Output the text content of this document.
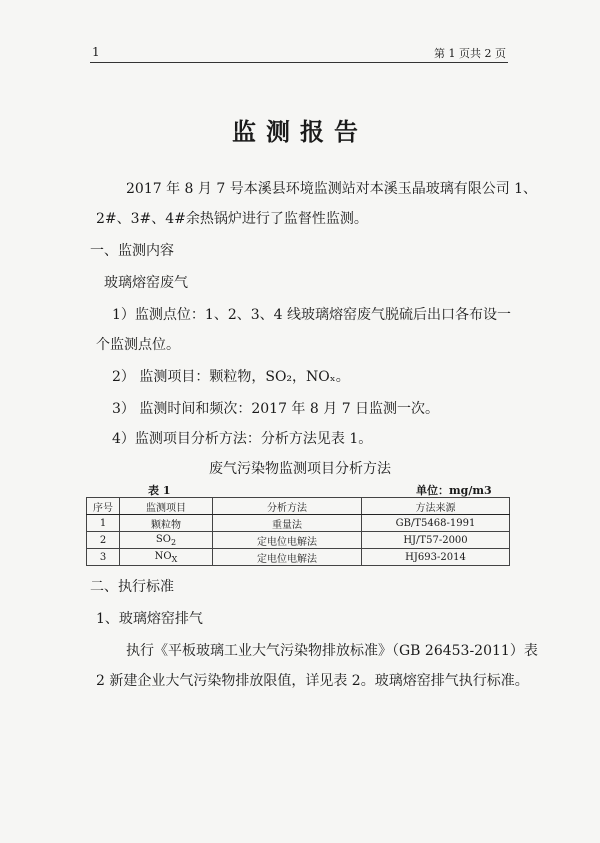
1	第 1 页共 2 页
监测报告
2017 年 8 月 7 号本溪县环境监测站对本溪玉晶玻璃有限公司 1、
2#、3#、4#余热锅炉进行了监督性监测。
一、监测内容
玻璃熔窑废气
1）监测点位：1、2、3、4 线玻璃熔窑废气脱硫后出口各布设一
个监测点位。
2） 监测项目：颗粒物，SO₂，NOₓ。
3） 监测时间和频次：2017 年 8 月 7 日监测一次。
4）监测项目分析方法：分析方法见表 1。
废气污染物监测项目分析方法
表 1	单位：mg/m3
序号	监测项目	分析方法	方法来源
1	颗粒物	重量法	GB/T5468-1991
2	$SO_2$	定电位电解法	HJ/T57-2000
3	$NO_X$	定电位电解法	HJ693-2014
二、执行标准
1、玻璃熔窑排气
执行《平板玻璃工业大气污染物排放标准》（GB 26453-2011）表
2 新建企业大气污染物排放限值，详见表 2。玻璃熔窑排气执行标准。
